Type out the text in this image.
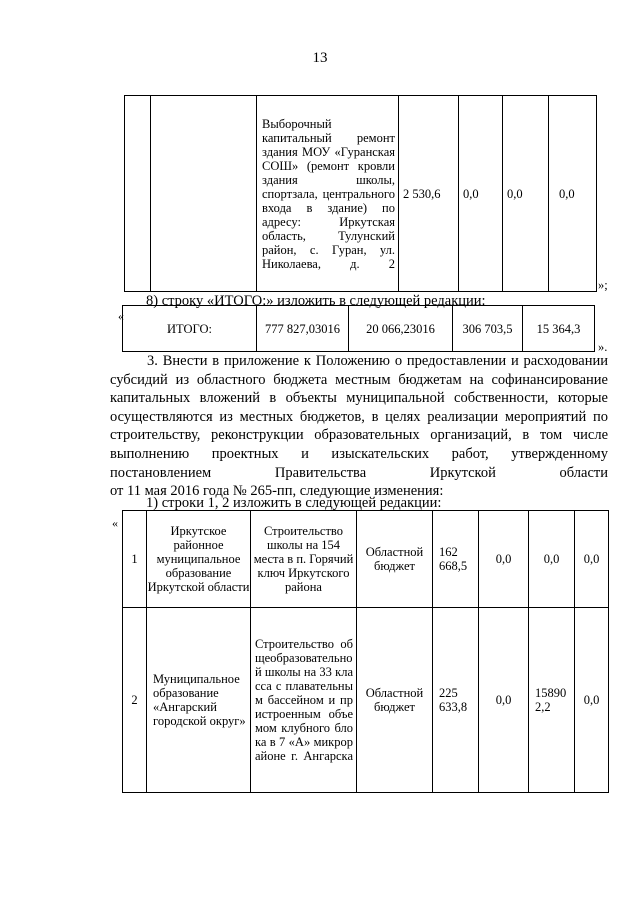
13
		Выборочный капитальный ремонт здания МОУ «Гуранская СОШ» (ремонт кровли здания школы, спортзала, центрального входа в здание) по адресу: Иркутская область, Тулунский район, с. Гуран, ул. Николаева, д. 2	2 530,6	0,0	0,0	0,0
»;
8) строку «ИТОГО:» изложить в следующей редакции:
«
ИТОГО:	777 827,03016	20 066,23016	306 703,5	15 364,3
».
3. Внести в приложение к Положению о предоставлении и расходовании
субсидий из областного бюджета местным бюджетам на софинансирование
капитальных вложений в объекты муниципальной собственности, которые
осуществляются из местных бюджетов, в целях реализации мероприятий по
строительству, реконструкции образовательных организаций, в том числе
выполнению проектных и изыскательских работ, утвержденному
постановлением Правительства Иркутской области
от 11 мая 2016 года № 265-пп, следующие изменения:
1) строки 1, 2 изложить в следующей редакции:
«
1	Иркутское районное муниципальное образование Иркутской области	Строительство школы на 154 места в п. Горячий ключ Иркутского района	Областной бюджет	162 668,5	0,0	0,0	0,0
2	Муниципальное образование «Ангарский городской округ»	Строительство общеобразовательной школы на 33 класса с плавательным бассейном и пристроенным объемом клубного блока в 7 «А» микрорайоне г. Ангарска	Областной бюджет	225 633,8	0,0	158902,2	0,0
